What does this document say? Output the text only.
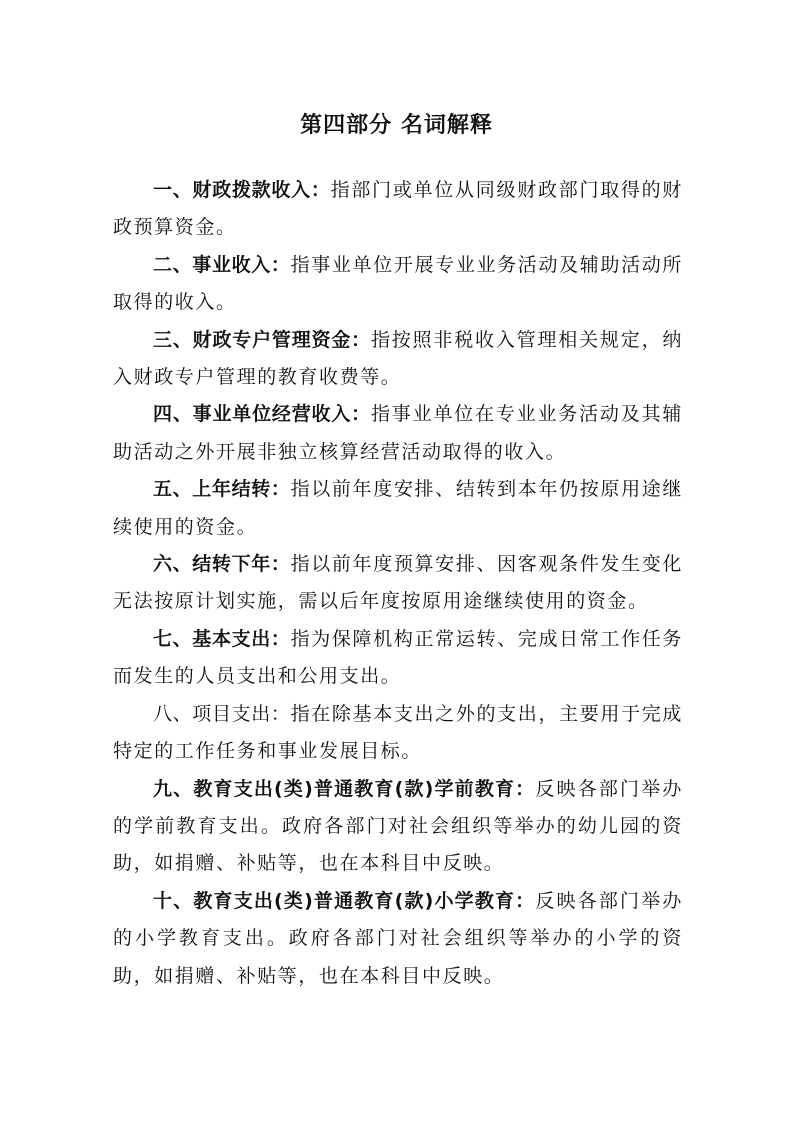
第四部分 名词解释

一、财政拨款收入：指部门或单位从同级财政部门取得的财政预算资金。

二、事业收入：指事业单位开展专业业务活动及辅助活动所取得的收入。

三、财政专户管理资金：指按照非税收入管理相关规定，纳入财政专户管理的教育收费等。

四、事业单位经营收入：指事业单位在专业业务活动及其辅助活动之外开展非独立核算经营活动取得的收入。

五、上年结转：指以前年度安排、结转到本年仍按原用途继续使用的资金。

六、结转下年：指以前年度预算安排、因客观条件发生变化无法按原计划实施，需以后年度按原用途继续使用的资金。

七、基本支出：指为保障机构正常运转、完成日常工作任务而发生的人员支出和公用支出。

八、项目支出：指在除基本支出之外的支出，主要用于完成特定的工作任务和事业发展目标。

九、教育支出(类)普通教育(款)学前教育：反映各部门举办的学前教育支出。政府各部门对社会组织等举办的幼儿园的资助，如捐赠、补贴等，也在本科目中反映。

十、教育支出(类)普通教育(款)小学教育：反映各部门举办的小学教育支出。政府各部门对社会组织等举办的小学的资助，如捐赠、补贴等，也在本科目中反映。
